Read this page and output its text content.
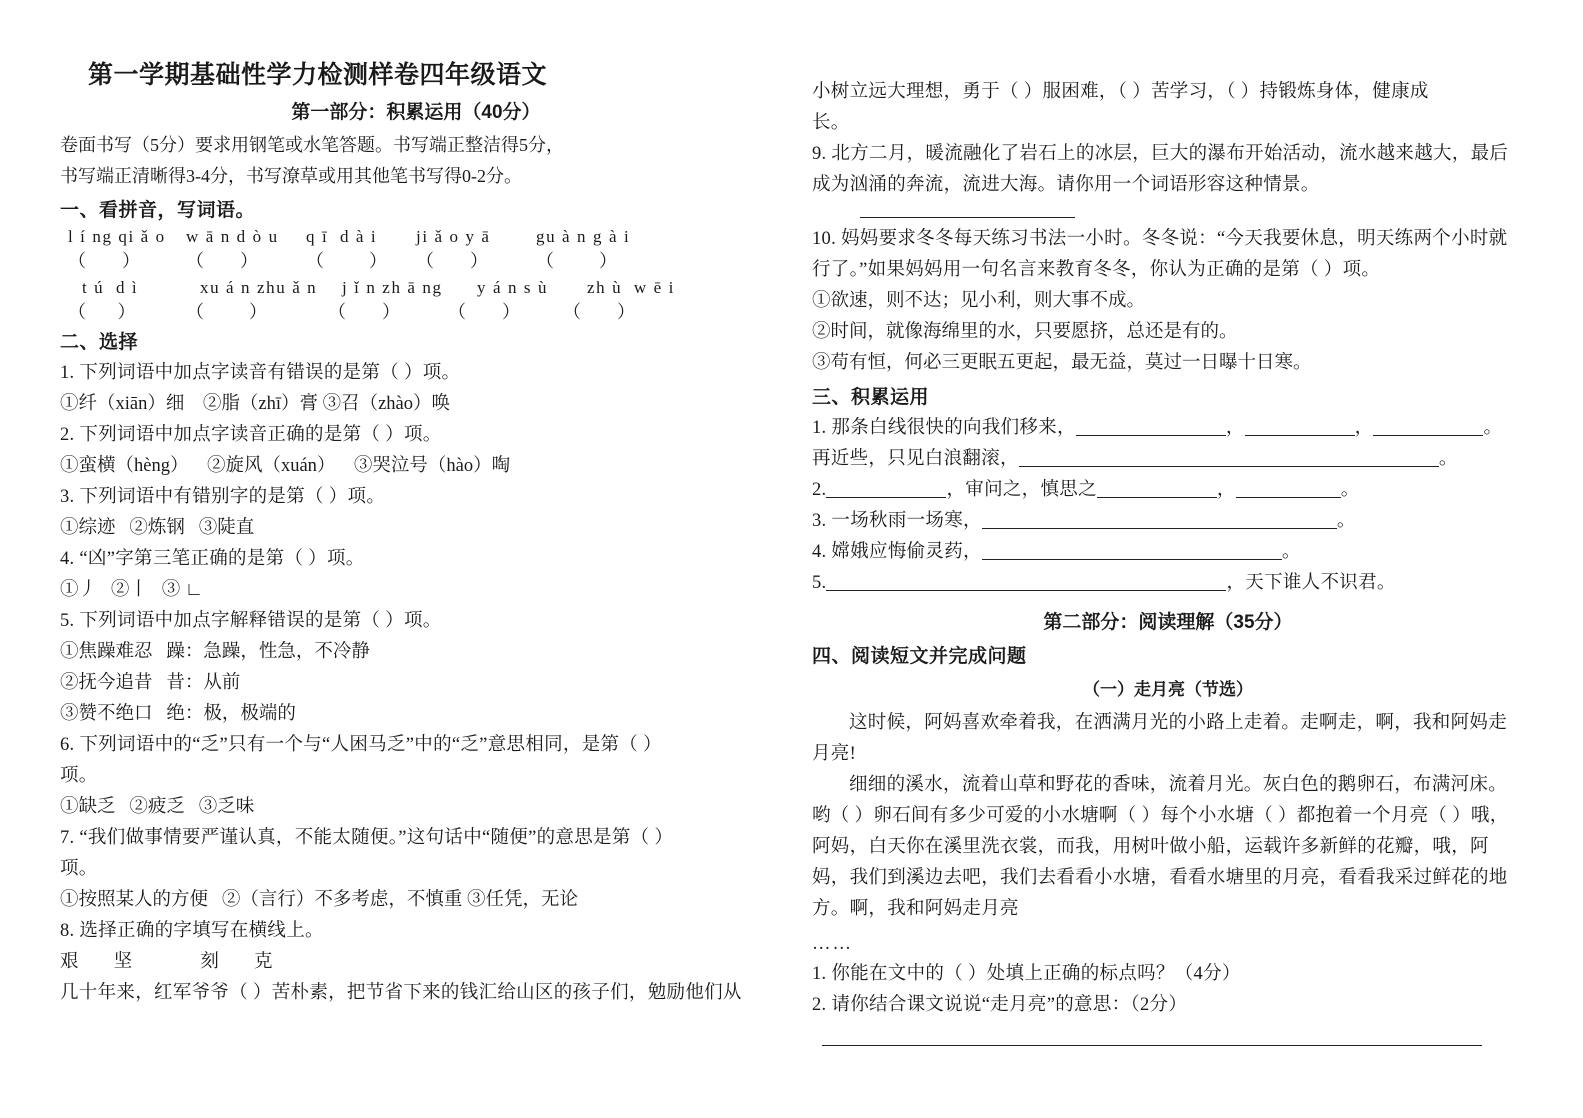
第一学期基础性学力检测样卷四年级语文
第一部分：积累运用（40分）

卷面书写（5分）要求用钢笔或水笔答题。书写端正整洁得5分，

书写端正清晰得3-4分，书写潦草或用其他笔书写得0-2分。

一、看拼音，写词语。
l í ng qi ǎ o	w ā n d ò u	q ī  d à i	ji ǎ o y ā	gu à n g à i
（        ）	（        ）	（          ）	（        ）	（          ）
t ú  d ì	xu á n zhu ǎ n	j ǐ n zh ā ng	y á n s ù	zh ù  w ē i
（       ）	（          ）	（        ）	（        ）	（        ）
二、选择

1. 下列词语中加点字读音有错误的是第（ ）项。

①纤（xiān）细    ②脂（zhī）膏 ③召（zhào）唤

2. 下列词语中加点字读音正确的是第（ ）项。

①蛮横（hèng）    ②旋风（xuán）    ③哭泣号（hào）啕

3. 下列词语中有错别字的是第（ ）项。

①综迹   ②炼钢   ③陡直

4. “凶”字第三笔正确的是第（ ）项。

①丿   ②丨   ③ ∟

5. 下列词语中加点字解释错误的是第（ ）项。

①焦躁难忍   躁：急躁，性急，不冷静

②抚今追昔   昔：从前

③赞不绝口   绝：极，极端的

6. 下列词语中的“乏”只有一个与“人困马乏”中的“乏”意思相同，是第（ ）

项。

①缺乏   ②疲乏   ③乏味

7. “我们做事情要严谨认真，不能太随便。”这句话中“随便”的意思是第（ ）

项。

①按照某人的方便   ②（言行）不多考虑，不慎重 ③任凭，无论

8. 选择正确的字填写在横线上。

艰     坚          刻     克

几十年来，红军爷爷（ ）苦朴素，把节省下来的钱汇给山区的孩子们，勉励他们从

小树立远大理想，勇于（ ）服困难，（ ）苦学习，（ ）持锻炼身体，健康成

长。

9. 北方二月，暖流融化了岩石上的冰层，巨大的瀑布开始活动，流水越来越大，最后

成为汹涌的奔流，流进大海。请你用一个词语形容这种情景。

10. 妈妈要求冬冬每天练习书法一小时。冬冬说：“今天我要休息，明天练两个小时就

行了。”如果妈妈用一句名言来教育冬冬，你认为正确的是第（ ）项。

①欲速，则不达；见小利，则大事不成。

②时间，就像海绵里的水，只要愿挤，总还是有的。

③苟有恒，何必三更眠五更起，最无益，莫过一日曝十日寒。

三、积累运用

1. 那条白线很快的向我们移来，	，	，	。

再近些，只见白浪翻滚，	。

2.	，审问之，慎思之	，	。

3. 一场秋雨一场寒，	。

4. 嫦娥应悔偷灵药，	。

5.	，天下谁人不识君。

第二部分：阅读理解（35分）
四、阅读短文并完成问题
（一）走月亮（节选）

这时候，阿妈喜欢牵着我，在洒满月光的小路上走着。走啊走，啊，我和阿妈走月亮!

细细的溪水，流着山草和野花的香味，流着月光。灰白色的鹅卵石，布满河床。哟（ ）卵石间有多少可爱的小水塘啊（ ）每个小水塘（ ）都抱着一个月亮（ ）哦，阿妈，白天你在溪里洗衣裳，而我，用树叶做小船，运载许多新鲜的花瓣，哦，阿妈，我们到溪边去吧，我们去看看小水塘，看看水塘里的月亮，看看我采过鲜花的地方。啊，我和阿妈走月亮

……

1. 你能在文中的（ ）处填上正确的标点吗？（4分）

2. 请你结合课文说说“走月亮”的意思：（2分）
